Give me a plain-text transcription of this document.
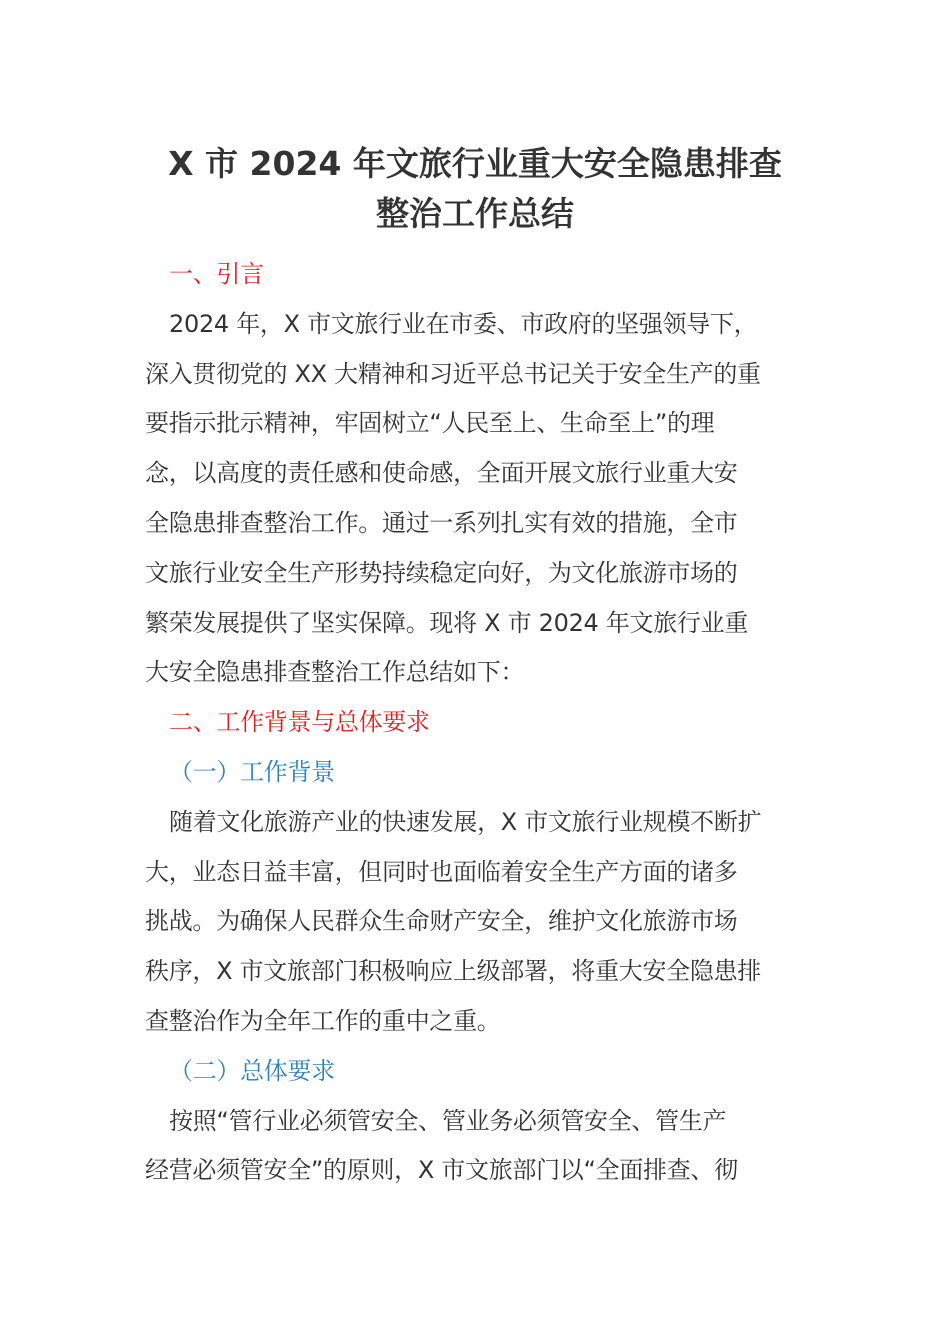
X 市 2024 年文旅行业重大安全隐患排查
整治工作总结
一、引言
2024 年，X 市文旅行业在市委、市政府的坚强领导下，
深入贯彻党的 XX 大精神和习近平总书记关于安全生产的重
要指示批示精神，牢固树立“人民至上、生命至上”的理
念，以高度的责任感和使命感，全面开展文旅行业重大安
全隐患排查整治工作。通过一系列扎实有效的措施，全市
文旅行业安全生产形势持续稳定向好，为文化旅游市场的
繁荣发展提供了坚实保障。现将 X 市 2024 年文旅行业重
大安全隐患排查整治工作总结如下：
二、工作背景与总体要求
（一）工作背景
随着文化旅游产业的快速发展，X 市文旅行业规模不断扩
大，业态日益丰富，但同时也面临着安全生产方面的诸多
挑战。为确保人民群众生命财产安全，维护文化旅游市场
秩序，X 市文旅部门积极响应上级部署，将重大安全隐患排
查整治作为全年工作的重中之重。
（二）总体要求
按照“管行业必须管安全、管业务必须管安全、管生产
经营必须管安全”的原则，X 市文旅部门以“全面排查、彻
